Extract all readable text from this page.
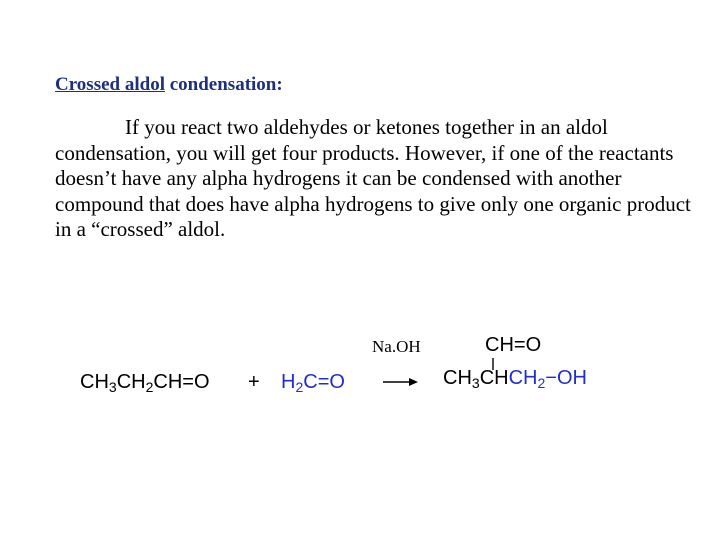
Crossed aldol condensation:

If you react two aldehydes or ketones together in an aldol condensation, you will get four products. However, if one of the reactants doesn’t have any alpha hydrogens it can be condensed with another compound that does have alpha hydrogens to give only one organic product in a “crossed” aldol.

Na.OH
$CH_3CH_2CH=O + H_2C=O$
CH=O
$CH_3CHCH_2-OH$
